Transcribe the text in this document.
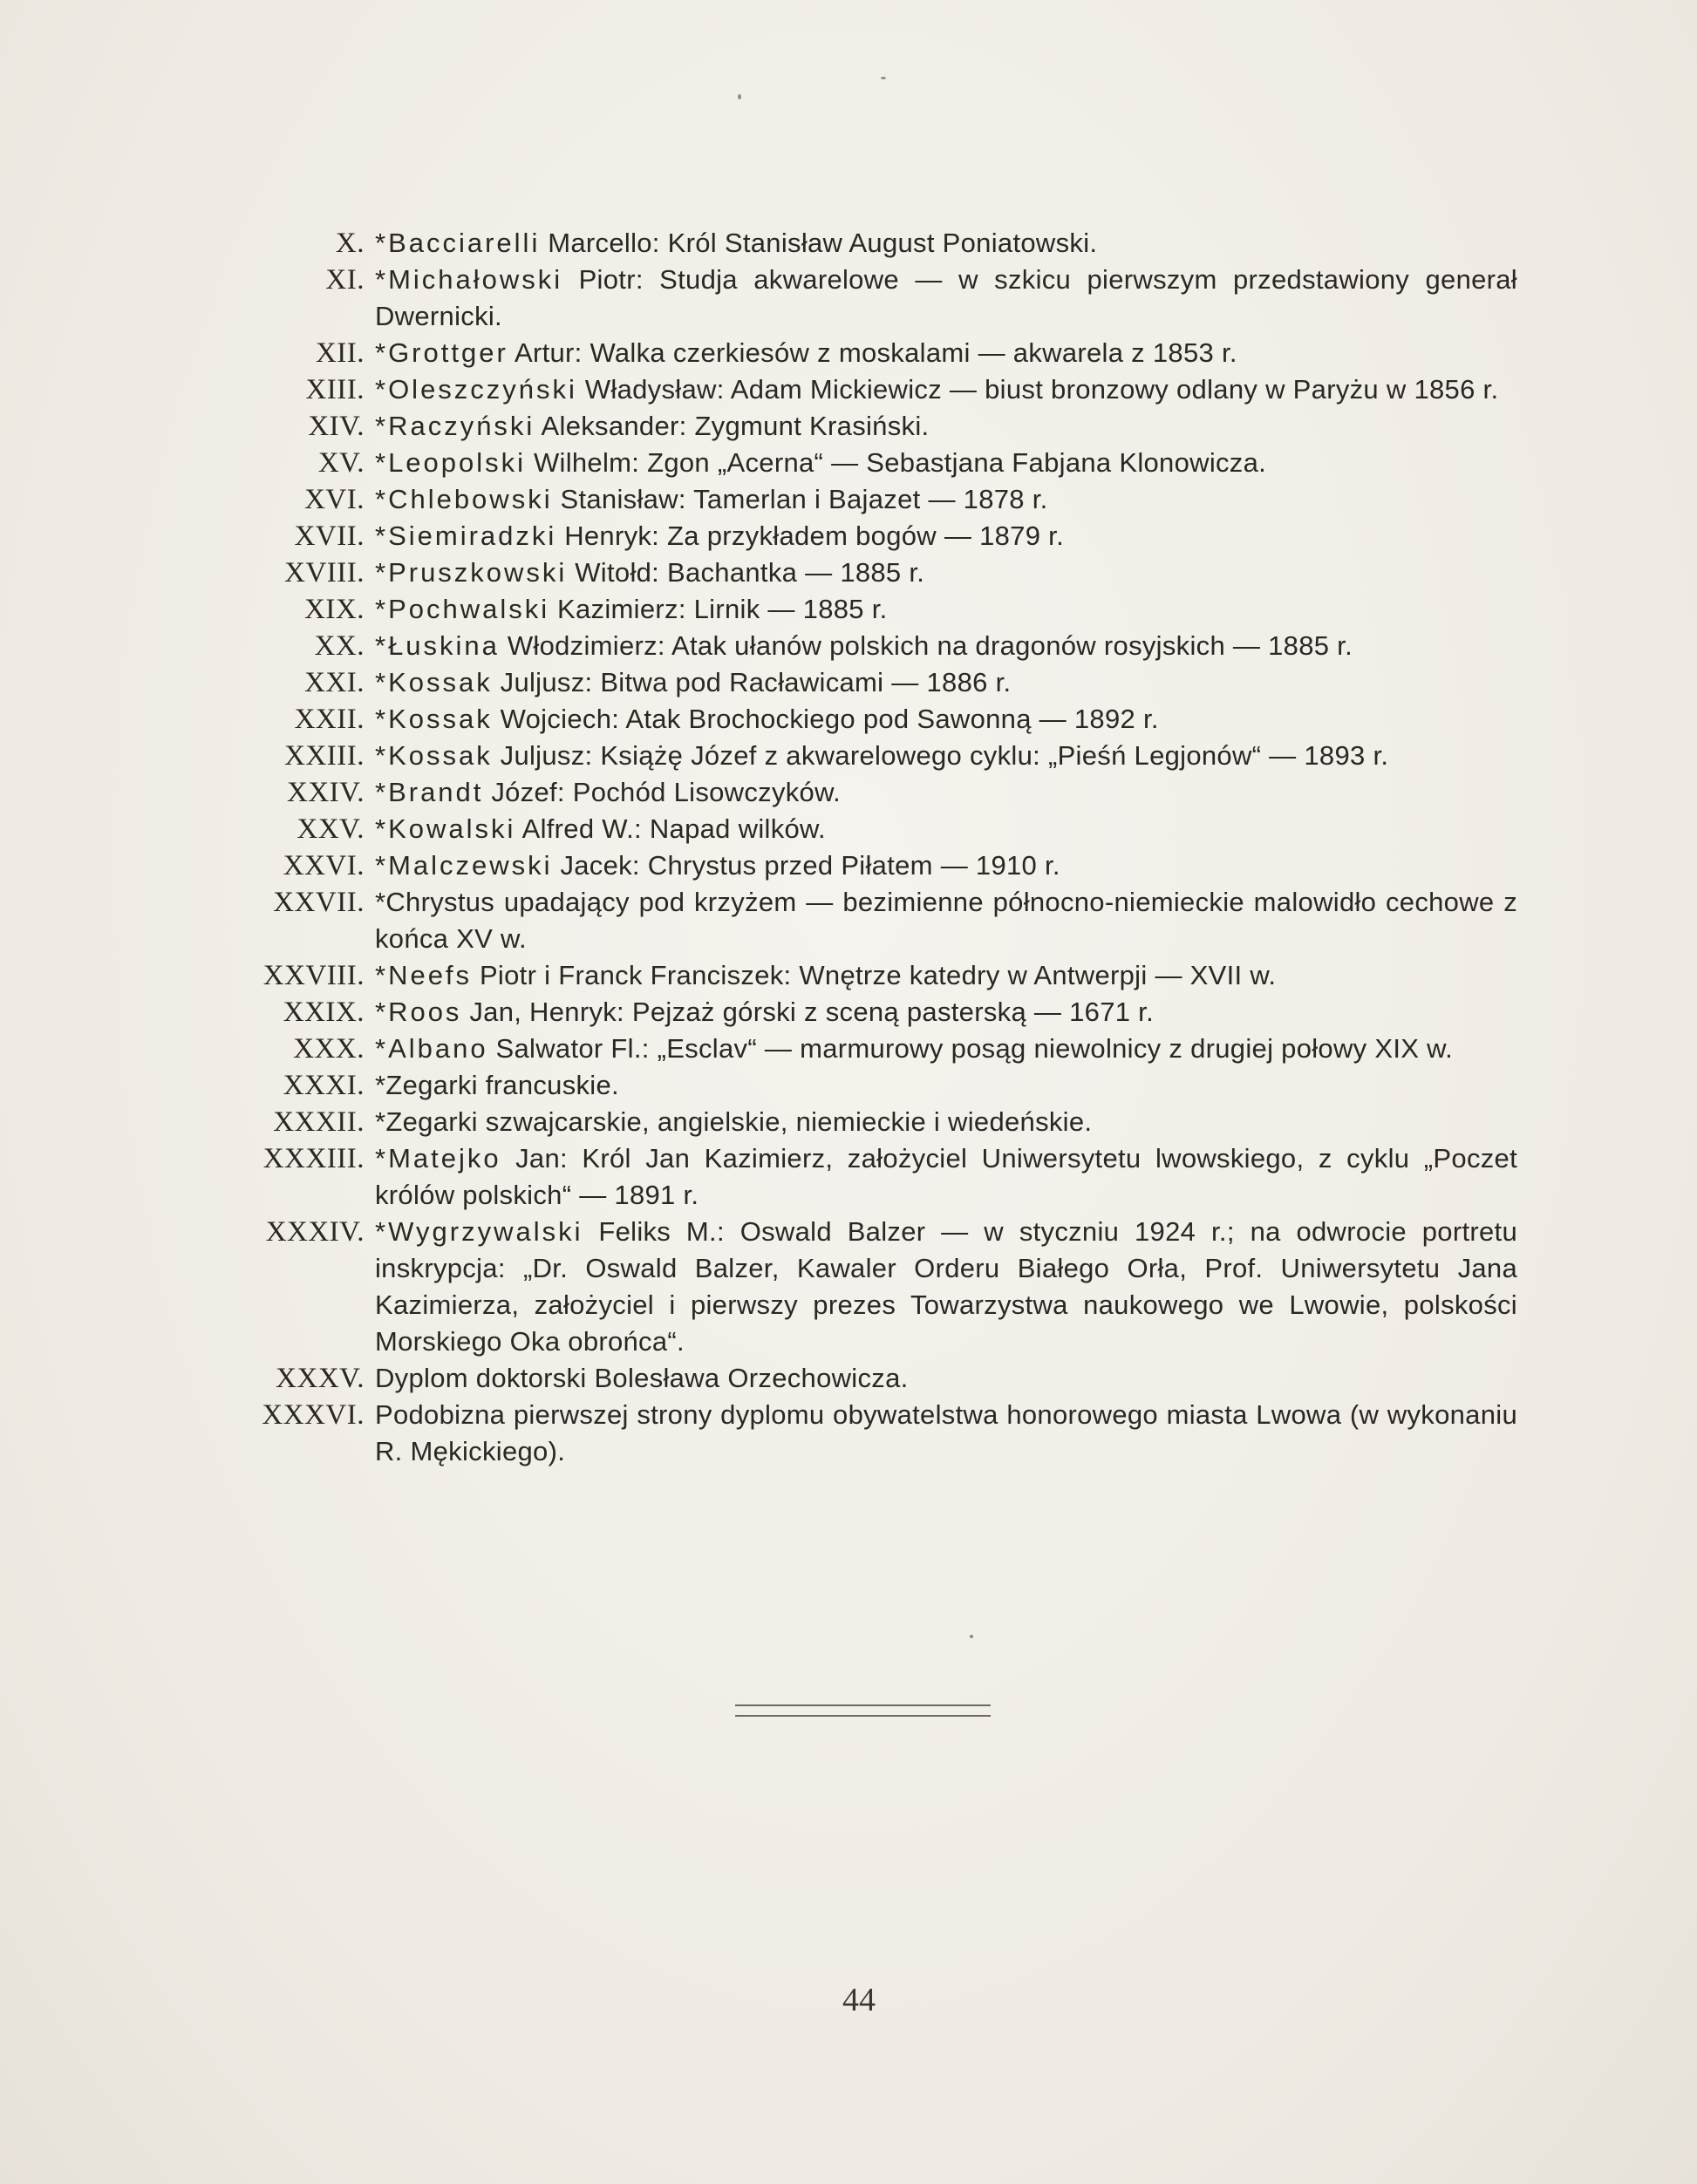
X. *Bacciarelli Marcello: Król Stanisław August Poniatowski.
XI. *Michałowski Piotr: Studja akwarelowe — w szkicu pierwszym przedstawiony generał Dwernicki.
XII. *Grottger Artur: Walka czerkiesów z moskalami — akwarela z 1853 r.
XIII. *Oleszczyński Władysław: Adam Mickiewicz — biust bronzowy odlany w Paryżu w 1856 r.
XIV. *Raczyński Aleksander: Zygmunt Krasiński.
XV. *Leopolski Wilhelm: Zgon „Acerna“ — Sebastjana Fabjana Klonowicza.
XVI. *Chlebowski Stanisław: Tamerlan i Bajazet — 1878 r.
XVII. *Siemiradzki Henryk: Za przykładem bogów — 1879 r.
XVIII. *Pruszkowski Witołd: Bachantka — 1885 r.
XIX. *Pochwalski Kazimierz: Lirnik — 1885 r.
XX. *Łuskina Włodzimierz: Atak ułanów polskich na dragonów rosyjskich — 1885 r.
XXI. *Kossak Juljusz: Bitwa pod Racławicami — 1886 r.
XXII. *Kossak Wojciech: Atak Brochockiego pod Sawonną — 1892 r.
XXIII. *Kossak Juljusz: Książę Józef z akwarelowego cyklu: „Pieśń Legjonów“ — 1893 r.
XXIV. *Brandt Józef: Pochód Lisowczyków.
XXV. *Kowalski Alfred W.: Napad wilków.
XXVI. *Malczewski Jacek: Chrystus przed Piłatem — 1910 r.
XXVII. *Chrystus upadający pod krzyżem — bezimienne północno-niemieckie malowidło cechowe z końca XV w.
XXVIII. *Neefs Piotr i Franck Franciszek: Wnętrze katedry w Antwerpji — XVII w.
XXIX. *Roos Jan, Henryk: Pejzaż górski z sceną pasterską — 1671 r.
XXX. *Albano Salwator Fl.: „Esclav“ — marmurowy posąg niewolnicy z drugiej połowy XIX w.
XXXI. *Zegarki francuskie.
XXXII. *Zegarki szwajcarskie, angielskie, niemieckie i wiedeńskie.
XXXIII. *Matejko Jan: Król Jan Kazimierz, założyciel Uniwersytetu lwowskiego, z cyklu „Poczet królów polskich“ — 1891 r.
XXXIV. *Wygrzywalski Feliks M.: Oswald Balzer — w styczniu 1924 r.; na odwrocie portretu inskrypcja: „Dr. Oswald Balzer, Kawaler Orderu Białego Orła, Prof. Uniwersytetu Jana Kazimierza, założyciel i pierwszy prezes Towarzystwa naukowego we Lwowie, polskości Morskiego Oka obrońca“.
XXXV. Dyplom doktorski Bolesława Orzechowicza.
XXXVI. Podobizna pierwszej strony dyplomu obywatelstwa honorowego miasta Lwowa (w wykonaniu R. Mękickiego).
44
